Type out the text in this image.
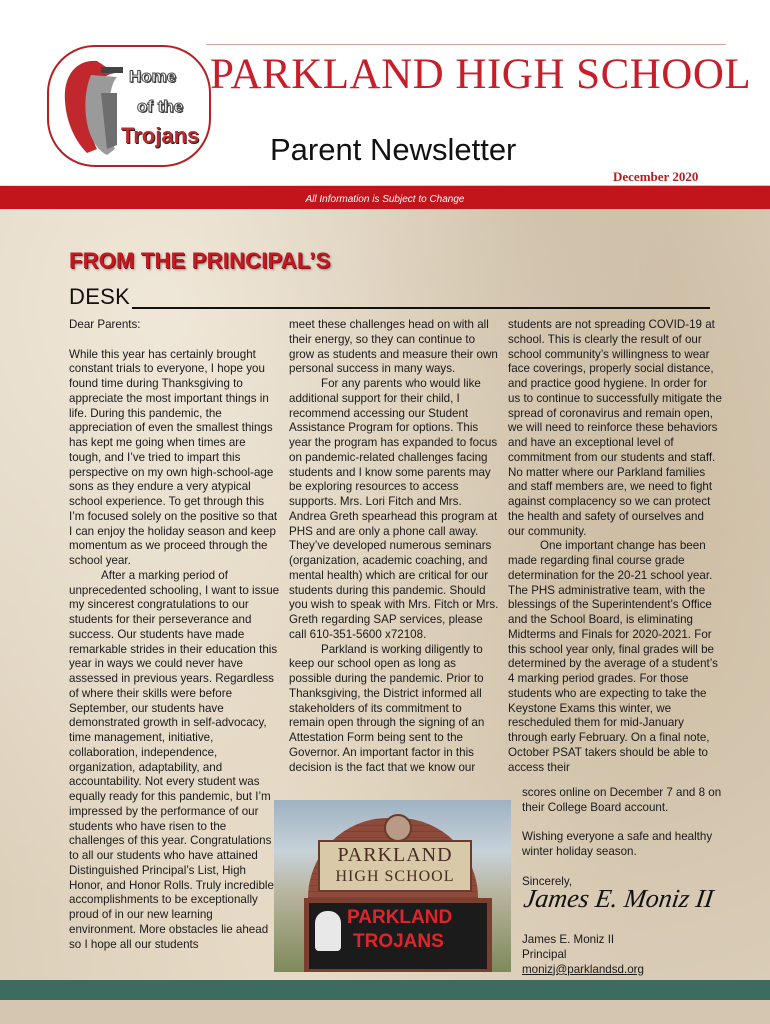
Home
of the
Trojans
PARKLAND HIGH SCHOOL
Parent Newsletter
December 2020
All Information is Subject to Change
FROM THE PRINCIPAL’S
DESK

Dear Parents:

While this year has certainly brought constant trials to everyone, I hope you found time during Thanksgiving to appreciate the most important things in life. During this pandemic, the appreciation of even the smallest things has kept me going when times are tough, and I’ve tried to impart this perspective on my own high-school-age sons as they endure a very atypical school experience. To get through this I’m focused solely on the positive so that I can enjoy the holiday season and keep momentum as we proceed through the school year.

After a marking period of unprecedented schooling, I want to issue my sincerest congratulations to our students for their perseverance and success. Our students have made remarkable strides in their education this year in ways we could never have assessed in previous years. Regardless of where their skills were before September, our students have demonstrated growth in self-advocacy, time management, initiative, collaboration, independence, organization, adaptability, and accountability. Not every student was equally ready for this pandemic, but I’m impressed by the performance of our students who have risen to the challenges of this year. Congratulations to all our students who have attained Distinguished Principal’s List, High Honor, and Honor Rolls. Truly incredible accomplishments to be exceptionally proud of in our new learning environment. More obstacles lie ahead so I hope all our students

meet these challenges head on with all their energy, so they can continue to grow as students and measure their own personal success in many ways.

For any parents who would like additional support for their child, I recommend accessing our Student Assistance Program for options. This year the program has expanded to focus on pandemic-related challenges facing students and I know some parents may be exploring resources to access supports. Mrs. Lori Fitch and Mrs. Andrea Greth spearhead this program at PHS and are only a phone call away. They’ve developed numerous seminars (organization, academic coaching, and mental health) which are critical for our students during this pandemic. Should you wish to speak with Mrs. Fitch or Mrs. Greth regarding SAP services, please call 610-351-5600 x72108.

Parkland is working diligently to keep our school open as long as possible during the pandemic. Prior to Thanksgiving, the District informed all stakeholders of its commitment to remain open through the signing of an Attestation Form being sent to the Governor. An important factor in this decision is the fact that we know our

students are not spreading COVID-19 at school. This is clearly the result of our school community’s willingness to wear face coverings, properly social distance, and practice good hygiene. In order for us to continue to successfully mitigate the spread of coronavirus and remain open, we will need to reinforce these behaviors and have an exceptional level of commitment from our students and staff. No matter where our Parkland families and staff members are, we need to fight against complacency so we can protect the health and safety of ourselves and our community.

One important change has been made regarding final course grade determination for the 20-21 school year. The PHS administrative team, with the blessings of the Superintendent’s Office and the School Board, is eliminating Midterms and Finals for 2020-2021. For this school year only, final grades will be determined by the average of a student’s 4 marking period grades. For those students who are expecting to take the Keystone Exams this winter, we rescheduled them for mid-January through early February. On a final note, October PSAT takers should be able to access their

scores online on December 7 and 8 on their College Board account.

Wishing everyone a safe and healthy winter holiday season.

Sincerely,

James E. Moniz II

Principal

monizj@parklandsd.org

James E. Moniz II
PARKLAND
HIGH SCHOOL
PARKLAND
TROJANS
